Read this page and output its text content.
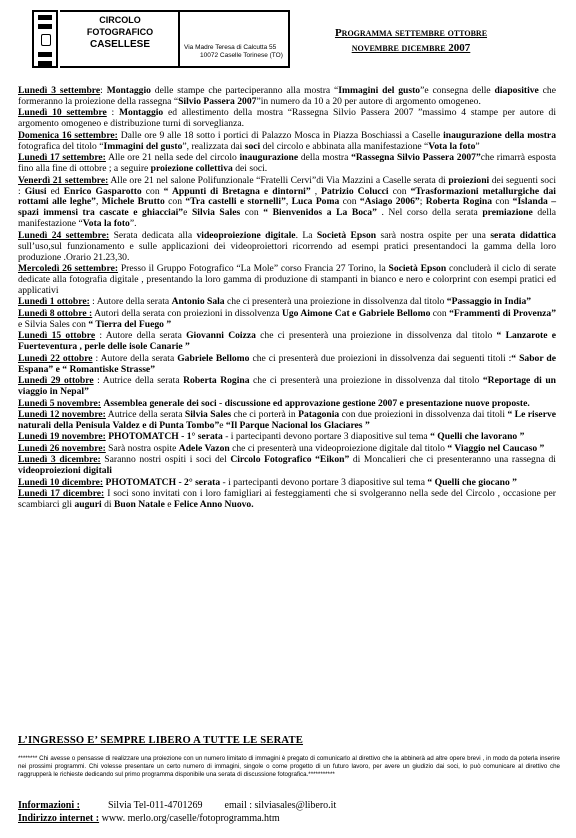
CIRCOLO
FOTOGRAFICO
CASELLESE	Via Madre Teresa di Calcutta 55
10072 Caselle Torinese (TO)
Programma settembre ottobre
novembre dicembre 2007
Lunedì 3 settembre: Montaggio delle stampe che parteciperanno alla mostra “Immagini del gusto”e consegna delle diapositive che formeranno la proiezione della rassegna “Silvio Passera 2007”in numero da 10 a 20 per autore di argomento omogeneo.
Lunedì 10 settembre : Montaggio ed allestimento della mostra “Rassegna Silvio Passera 2007 ”massimo 4 stampe per autore di argomento omogeneo e distribuzione turni di sorveglianza.
Domenica 16 settembre: Dalle ore 9 alle 18 sotto i portici di Palazzo Mosca in Piazza Boschiassi a Caselle inaugurazione della mostra fotografica del titolo “Immagini del gusto”, realizzata dai soci del circolo e abbinata alla manifestazione “Vota la foto”
Lunedì 17 settembre: Alle ore 21 nella sede del circolo inaugurazione della mostra “Rassegna Silvio Passera 2007”che rimarrà esposta fino alla fine di ottobre ; a seguire proiezione collettiva dei soci.
Venerdì 21 settembre: Alle ore 21 nel salone Polifunzionale “Fratelli Cervi”di Via Mazzini a Caselle serata di proiezioni dei seguenti soci : Giusi ed Enrico Gasparotto con “ Appunti di Bretagna e dintorni” , Patrizio Colucci con “Trasformazioni metallurgiche dai rottami alle leghe”, Michele Brutto con “Tra castelli e stornelli”, Luca Poma con “Asiago 2006”; Roberta Rogina con “Islanda – spazi immensi tra cascate e ghiacciai”e Silvia Sales con “ Bienvenidos a La Boca” . Nel corso della serata premiazione della manifestazione “Vota la foto”.
Lunedì 24 settembre: Serata dedicata alla videoproiezione digitale. La Società Epson sarà nostra ospite per una serata didattica sull’uso,sul funzionamento e sulle applicazioni dei videoproiettori ricorrendo ad esempi pratici presentandoci la gamma della loro produzione .Orario 21.23,30.
Mercoledì 26 settembre: Presso il Gruppo Fotografico “La Mole” corso Francia 27 Torino, la Società Epson concluderà il ciclo di serate dedicate alla fotografia digitale , presentando la loro gamma di produzione di stampanti in bianco e nero e colorprint con esempi pratici ed applicativi
Lunedì 1 ottobre: : Autore della serata Antonio Sala che ci presenterà una proiezione in dissolvenza dal titolo “Passaggio in India”
Lunedì 8 ottobre : Autori della serata con proiezioni in dissolvenza Ugo Aimone Cat e Gabriele Bellomo con “Frammenti di Provenza” e Silvia Sales con “ Tierra del Fuego ”
Lunedì 15 ottobre : Autore della serata Giovanni Coizza che ci presenterà una proiezione in dissolvenza dal titolo “ Lanzarote e Fuerteventura , perle delle isole Canarie ”
Lunedì 22 ottobre : Autore della serata Gabriele Bellomo che ci presenterà due proiezioni in dissolvenza dai seguenti titoli :“ Sabor de Espana” e “ Romantiske Strasse”
Lunedì 29 ottobre : Autrice della serata Roberta Rogina che ci presenterà una proiezione in dissolvenza dal titolo “Reportage di un viaggio in Nepal”
Lunedì 5 novembre: Assemblea generale dei soci - discussione ed approvazione gestione 2007 e presentazione nuove proposte.
Lunedì 12 novembre: Autrice della serata Silvia Sales che ci porterà in Patagonia con due proiezioni in dissolvenza dai titoli “ Le riserve naturali della Penisula Valdez e di Punta Tombo”e “Il Parque Nacional los Glaciares ”
Lunedì 19 novembre: PHOTOMATCH - 1° serata - i partecipanti devono portare 3 diapositive sul tema “ Quelli che lavorano ”
Lunedì 26 novembre: Sarà nostra ospite Adele Vazon che ci presenterà una videoproiezione digitale dal titolo “ Viaggio nel Caucaso ”
Lunedì 3 dicembre: Saranno nostri ospiti i soci del Circolo Fotografico “Eikon” di Moncalieri che ci presenteranno una rassegna di videoproiezioni digitali
Lunedì 10 dicembre: PHOTOMATCH - 2° serata - i partecipanti devono portare 3 diapositive sul tema “ Quelli che giocano ”
Lunedì 17 dicembre: I soci sono invitati con i loro famigliari ai festeggiamenti che si svolgeranno nella sede del Circolo , occasione per scambiarci gli auguri di Buon Natale e Felice Anno Nuovo.
L’INGRESSO E’ SEMPRE LIBERO A TUTTE LE SERATE
******** Chi avesse o pensasse di realizzare una proiezione con un numero limitato di immagini è pregato di comunicarlo al direttivo che la abbinerà ad altre opere brevi , in modo da poterla inserire nei prossimi programmi. Chi volesse presentare un certo numero di immagini, singole o come progetto di un futuro lavoro, per avere un giudizio dai soci, lo può comunicare al direttivo che raggrupperà le richieste dedicando sul primo programma disponibile una serata di discussione fotografica.***********
Informazioni :	Silvia Tel-011-4701269 email : silviasales@libero.it
Indirizzo internet : www. merlo.org/caselle/fotoprogramma.htm
